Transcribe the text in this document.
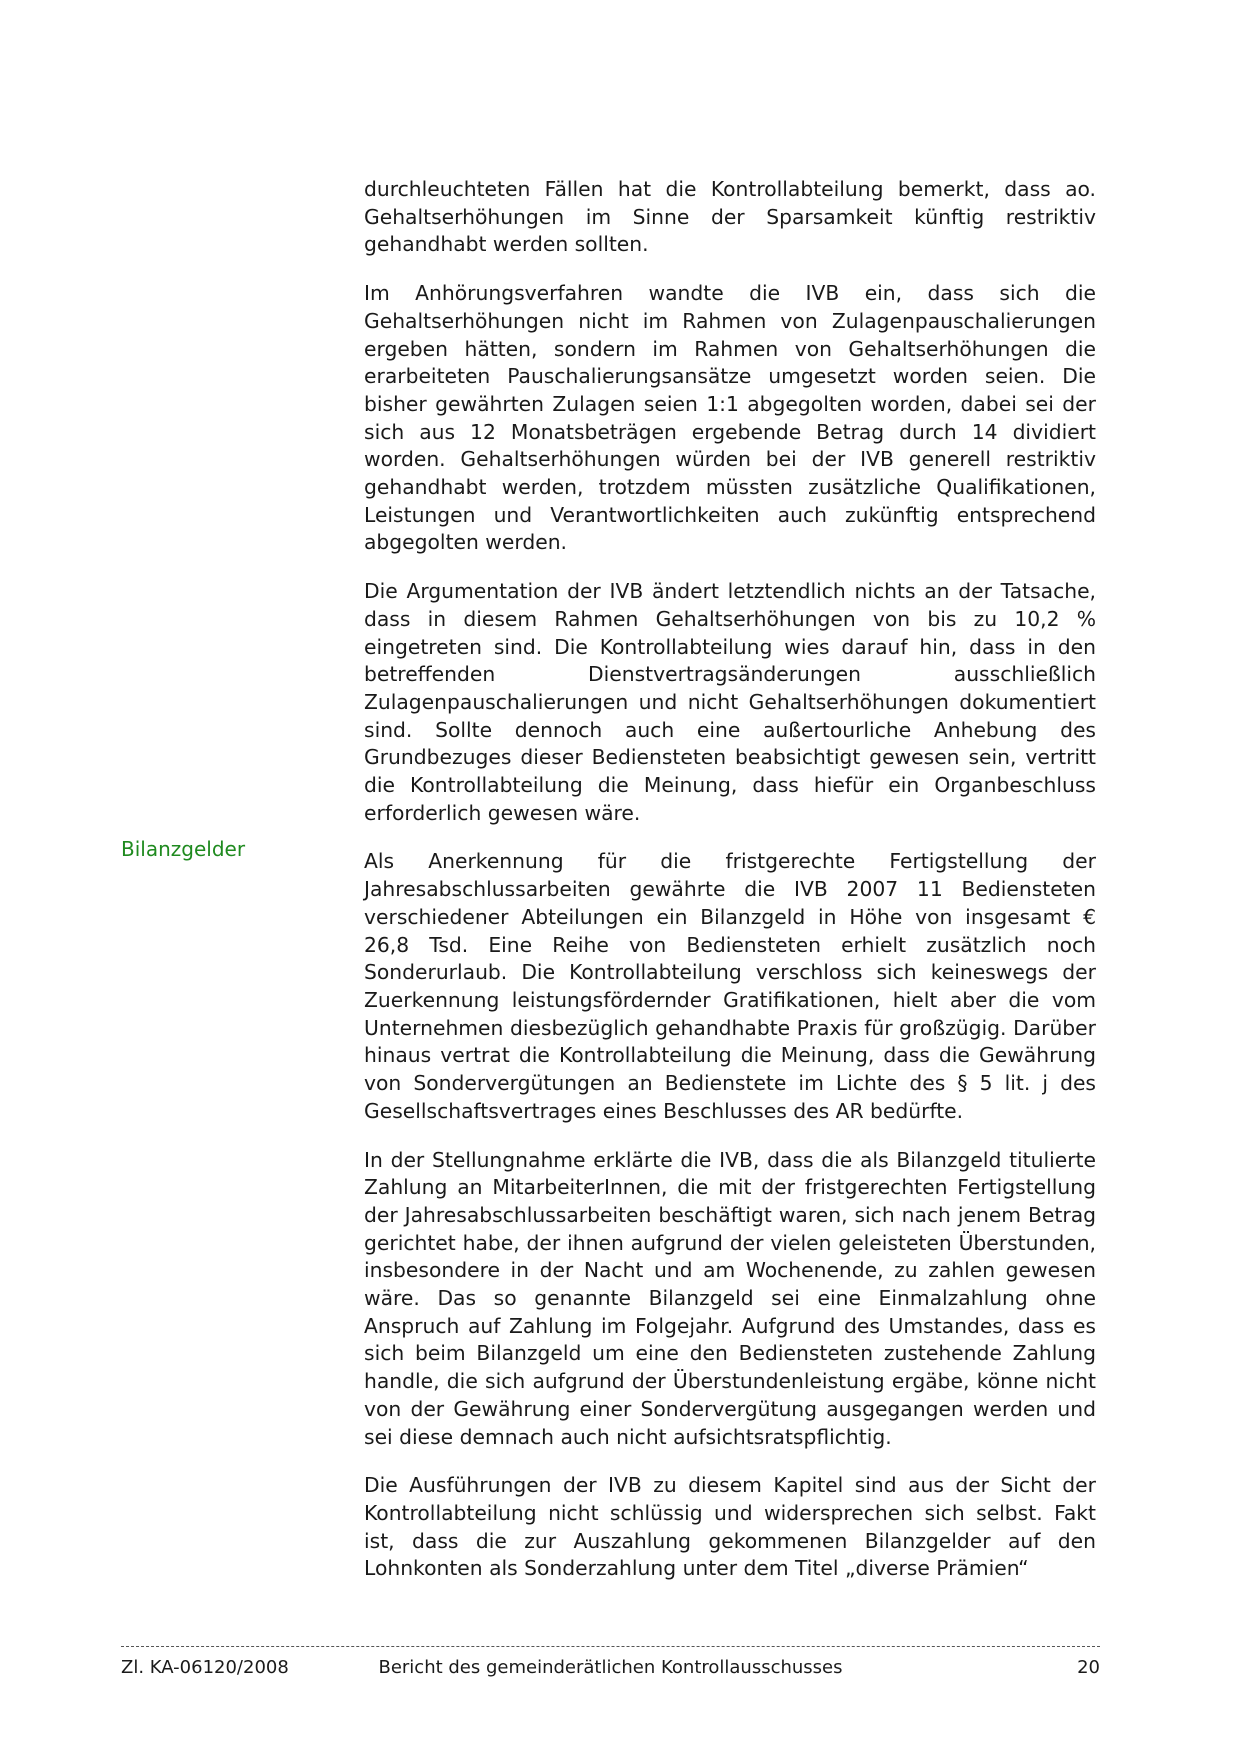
durchleuchteten Fällen hat die Kontrollabteilung bemerkt, dass ao. Gehaltserhöhungen im Sinne der Sparsamkeit künftig restriktiv gehandhabt werden sollten.

Im Anhörungsverfahren wandte die IVB ein, dass sich die Gehaltserhöhungen nicht im Rahmen von Zulagenpauschalierungen ergeben hätten, sondern im Rahmen von Gehaltserhöhungen die erarbeiteten Pauschalierungsansätze umgesetzt worden seien. Die bisher gewährten Zulagen seien 1:1 abgegolten worden, dabei sei der sich aus 12 Monatsbeträgen ergebende Betrag durch 14 dividiert worden. Gehaltserhöhungen würden bei der IVB generell restriktiv gehandhabt werden, trotzdem müssten zusätzliche Qualifikationen, Leistungen und Verantwortlichkeiten auch zukünftig entsprechend abgegolten werden.

Die Argumentation der IVB ändert letztendlich nichts an der Tatsache, dass in diesem Rahmen Gehaltserhöhungen von bis zu 10,2 % eingetreten sind. Die Kontrollabteilung wies darauf hin, dass in den betreffenden Dienstvertragsänderungen ausschließlich Zulagenpauschalierungen und nicht Gehaltserhöhungen dokumentiert sind. Sollte dennoch auch eine außertourliche Anhebung des Grundbezuges dieser Bediensteten beabsichtigt gewesen sein, vertritt die Kontrollabteilung die Meinung, dass hiefür ein Organbeschluss erforderlich gewesen wäre.

Als Anerkennung für die fristgerechte Fertigstellung der Jahresabschlussarbeiten gewährte die IVB 2007 11 Bediensteten verschiedener Abteilungen ein Bilanzgeld in Höhe von insgesamt € 26,8 Tsd. Eine Reihe von Bediensteten erhielt zusätzlich noch Sonderurlaub. Die Kontrollabteilung verschloss sich keineswegs der Zuerkennung leistungsfördernder Gratifikationen, hielt aber die vom Unternehmen diesbezüglich gehandhabte Praxis für großzügig. Darüber hinaus vertrat die Kontrollabteilung die Meinung, dass die Gewährung von Sondervergütungen an Bedienstete im Lichte des § 5 lit. j des Gesellschaftsvertrages eines Beschlusses des AR bedürfte.

In der Stellungnahme erklärte die IVB, dass die als Bilanzgeld titulierte Zahlung an MitarbeiterInnen, die mit der fristgerechten Fertigstellung der Jahresabschlussarbeiten beschäftigt waren, sich nach jenem Betrag gerichtet habe, der ihnen aufgrund der vielen geleisteten Überstunden, insbesondere in der Nacht und am Wochenende, zu zahlen gewesen wäre. Das so genannte Bilanzgeld sei eine Einmalzahlung ohne Anspruch auf Zahlung im Folgejahr. Aufgrund des Umstandes, dass es sich beim Bilanzgeld um eine den Bediensteten zustehende Zahlung handle, die sich aufgrund der Überstundenleistung ergäbe, könne nicht von der Gewährung einer Sondervergütung ausgegangen werden und sei diese demnach auch nicht aufsichtsratspflichtig.

Die Ausführungen der IVB zu diesem Kapitel sind aus der Sicht der Kontrollabteilung nicht schlüssig und widersprechen sich selbst. Fakt ist, dass die zur Auszahlung gekommenen Bilanzgelder auf den Lohnkonten als Sonderzahlung unter dem Titel „diverse Prämien“

Bilanzgelder
Zl. KA-06120/2008	Bericht des gemeinderätlichen Kontrollausschusses	20
